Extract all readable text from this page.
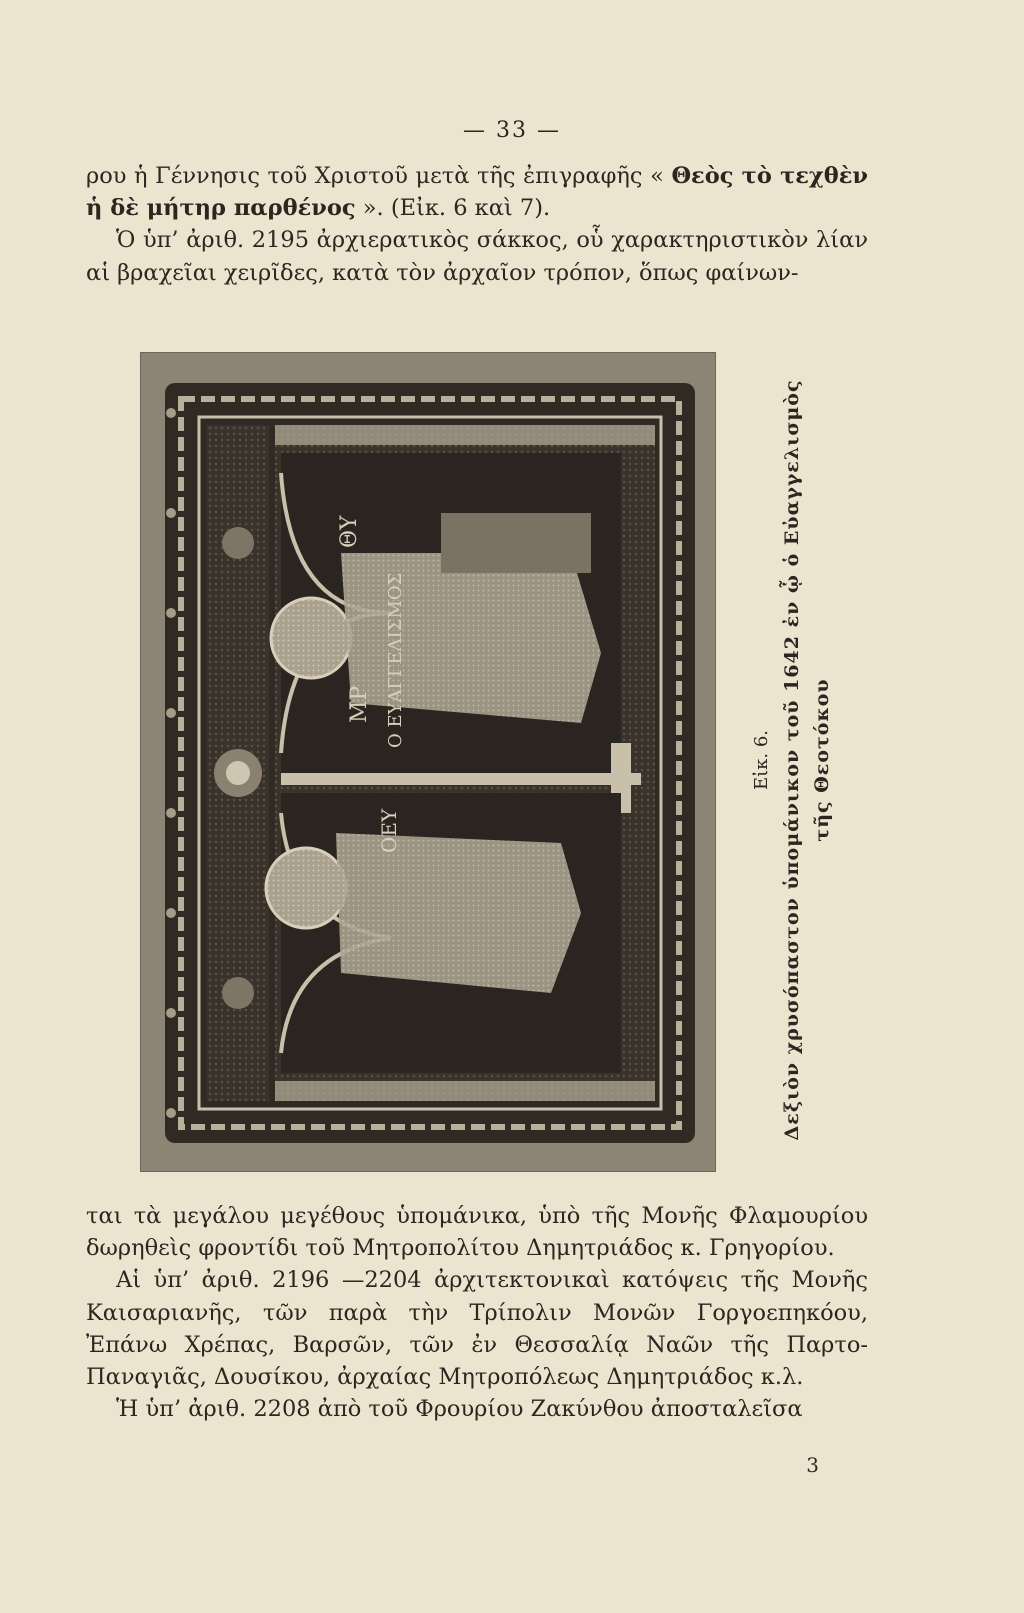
— 33 —

ρου ἡ Γέννησις τοῦ Χριστοῦ μετὰ τῆς ἐπιγραφῆς « Θεὸς τὸ τεχθὲν ἡ δὲ μήτηρ παρθένος ». (Εἰκ. 6 καὶ 7).

Ὁ ὑπ’ ἀριθ. 2195 ἀρχιερατικὸς σάκκος, οὗ χαρακτηριστικὸν λίαν αἱ βραχεῖαι χειρῖδες, κατὰ τὸν ἀρχαῖον τρόπον, ὅπως φαίνων-

ΘΥ
Μ̄Ρ Ο ΕΥΑΓΓΕΛΙΣΜΟΣ
ΟΕΥ
Εἰκ. 6. Δεξιὸν χρυσόπαστον ὑπομάνικον τοῦ 1642 ἐν ᾧ ὁ Εὐαγγελισμὸς τῆς Θεοτόκου

ται τὰ μεγάλου μεγέθους ὑπομάνικα, ὑπὸ τῆς Μονῆς Φλαμουρίου δωρηθεὶς φροντίδι τοῦ Μητροπολίτου Δημητριάδος κ. Γρηγορίου.

Αἱ ὑπ’ ἀριθ. 2196 —2204 ἀρχιτεκτονικαὶ κατόψεις τῆς Μονῆς Καισαριανῆς, τῶν παρὰ τὴν Τρίπολιν Μονῶν Γοργοεπηκόου, Ἐπάνω Χρέπας, Βαρσῶν, τῶν ἐν Θεσσαλίᾳ Ναῶν τῆς Παρτο-Παναγιᾶς, Δουσίκου, ἀρχαίας Μητροπόλεως Δημητριάδος κ.λ.

Ἡ ὑπ’ ἀριθ. 2208 ἀπὸ τοῦ Φρουρίου Ζακύνθου ἀποσταλεῖσα

3
